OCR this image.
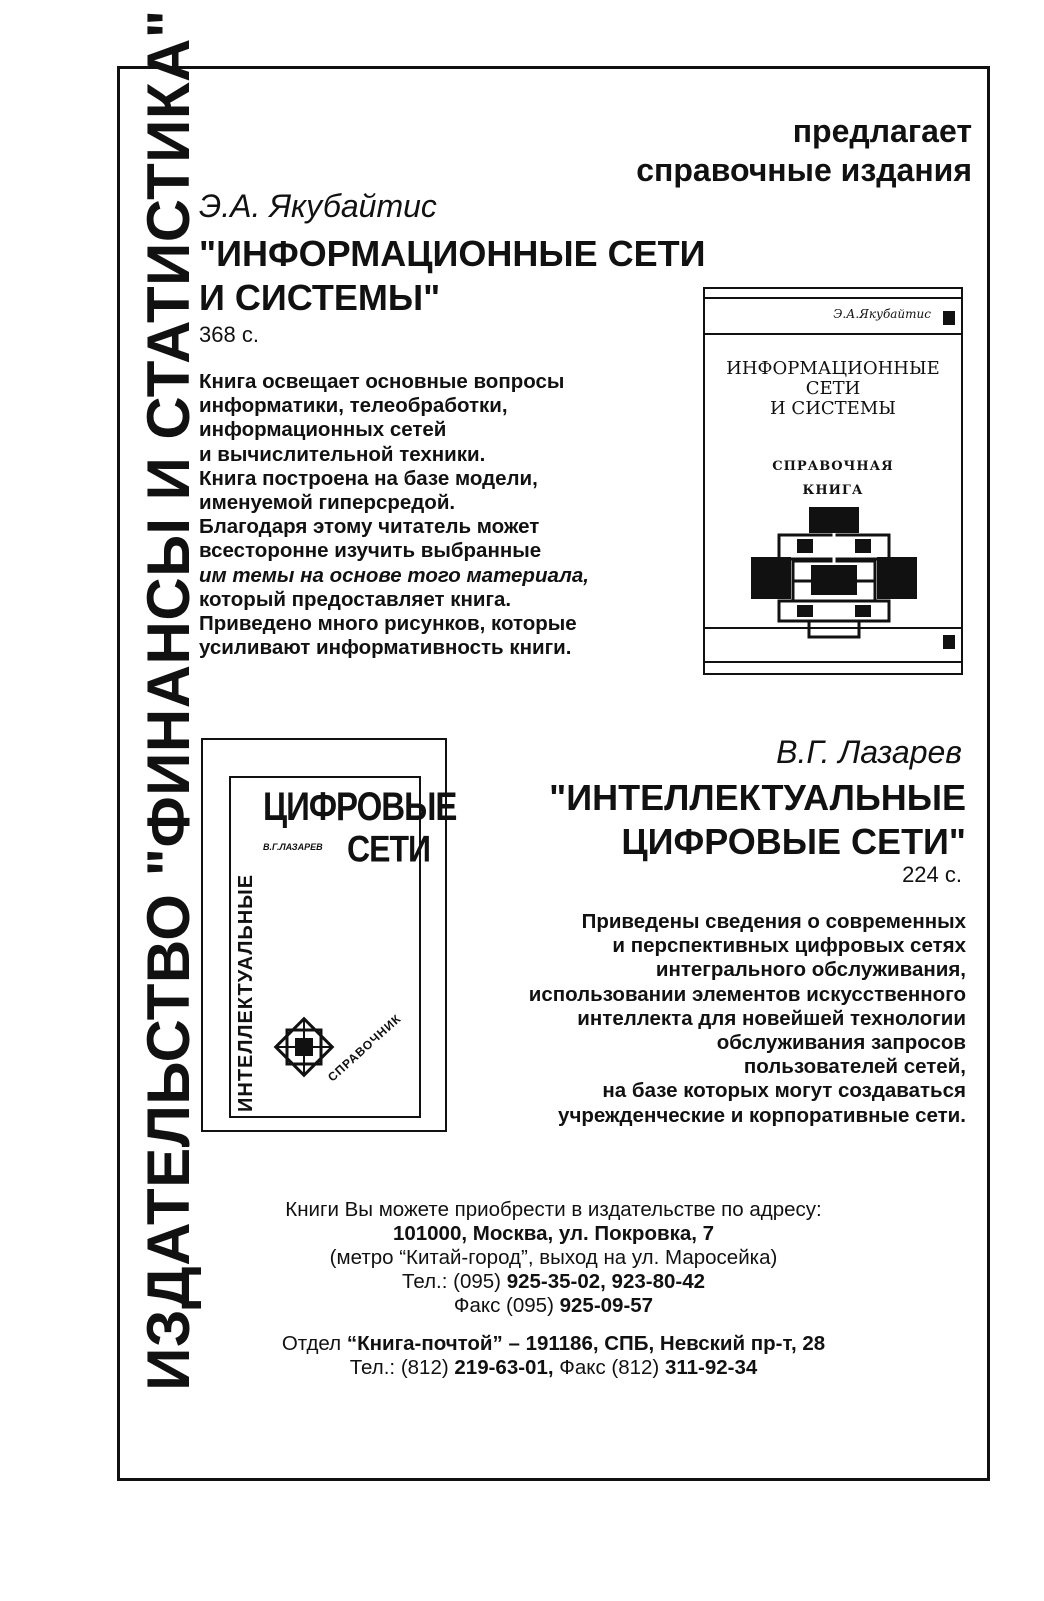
ИЗДАТЕЛЬСТВО "ФИНАНСЫ И СТАТИСТИКА"	предлагает
справочные издания
Э.А. Якубайтис
"ИНФОРМАЦИОННЫЕ СЕТИ
И СИСТЕМЫ"
368 с.
Книга освещает основные вопросы
информатики, телеобработки,
информационных сетей
и вычислительной техники.
Книга построена на базе модели,
именуемой гиперсредой.
Благодаря этому читатель может
всесторонне изучить выбранные
им темы на основе того материала,
который предоставляет книга.
Приведено много рисунков, которые
усиливают информативность книги.
Э.А.Якубайтис
ИНФОРМАЦИОННЫЕ
СЕТИ
И СИСТЕМЫ
СПРАВОЧНАЯ
КНИГА
ИНТЕЛЛЕКТУАЛЬНЫЕ
ЦИФРОВЫЕ
В.Г.ЛАЗАРЕВ СЕТИ
СПРАВОЧНИК
В.Г. Лазарев
"ИНТЕЛЛЕКТУАЛЬНЫЕ
ЦИФРОВЫЕ СЕТИ"
224 с.
Приведены сведения о современных
и перспективных цифровых сетях
интегрального обслуживания,
использовании элементов искусственного
интеллекта для новейшей технологии
обслуживания запросов
пользователей сетей,
на базе которых могут создаваться
учрежденческие и корпоративные сети.
Книги Вы можете приобрести в издательстве по адресу:
101000, Москва, ул. Покровка, 7
(метро “Китай-город”, выход на ул. Маросейка)
Тел.: (095) 925-35-02, 923-80-42
Факс (095) 925-09-57
Отдел “Книга-почтой” – 191186, СПБ, Невский пр-т, 28
Тел.: (812) 219-63-01, Факс (812) 311-92-34
